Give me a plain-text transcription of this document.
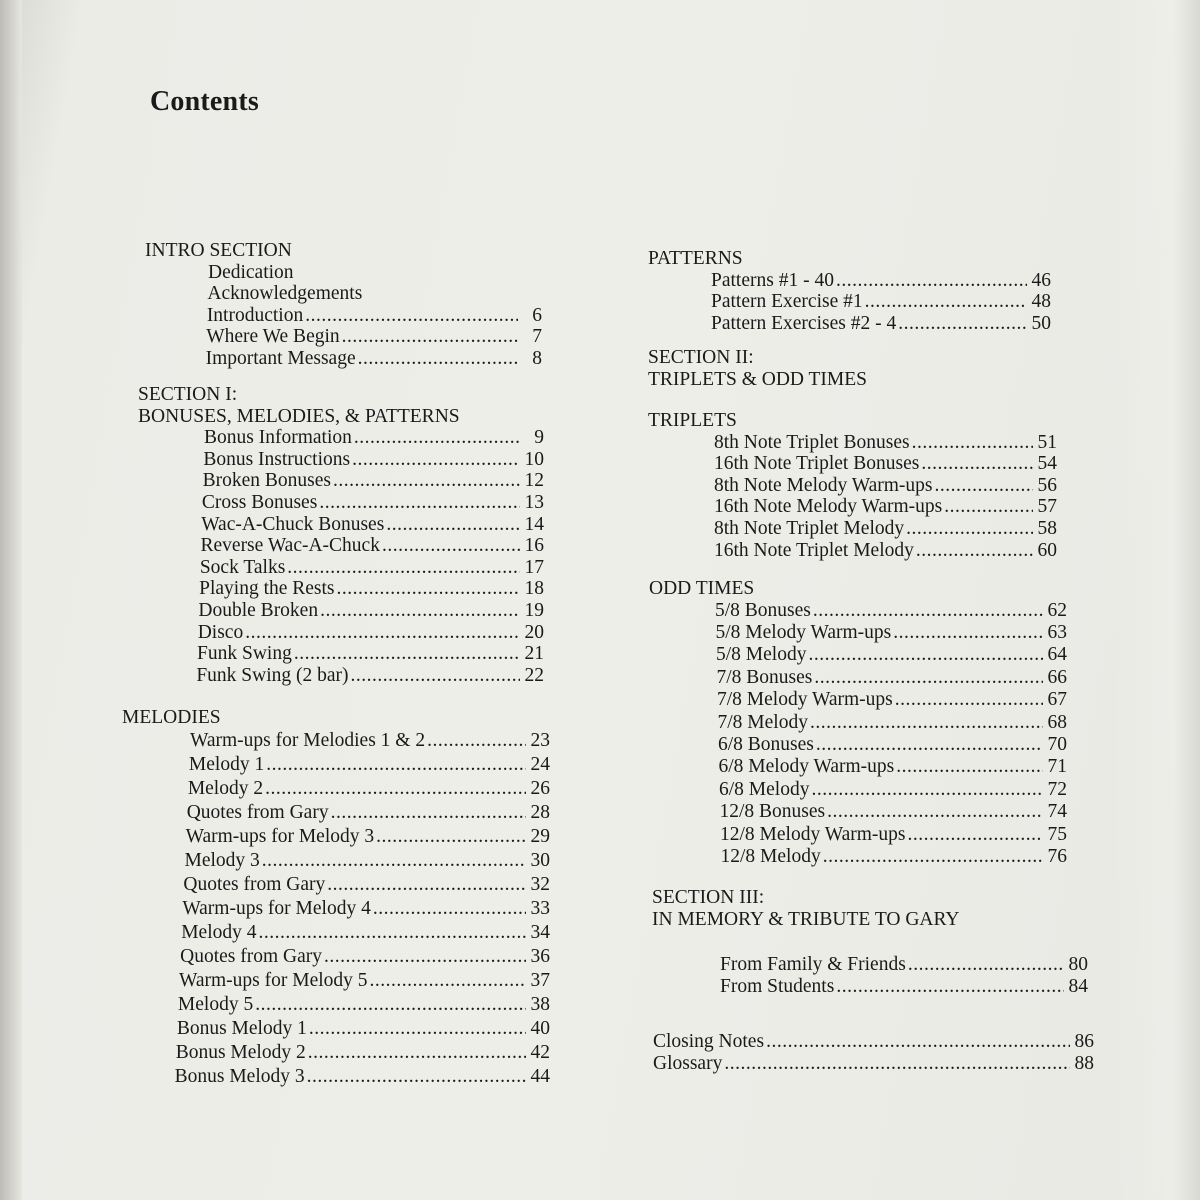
Contents
INTRO SECTION
Dedication
Acknowledgements
Introduction .....	6
Where We Begin .....	7
Important Message .....	8
SECTION I:
BONUSES, MELODIES, & PATTERNS
Bonus Information .....	9
Bonus Instructions .....	10
Broken Bonuses .....	12
Cross Bonuses .....	13
Wac-A-Chuck Bonuses .....	14
Reverse Wac-A-Chuck .....	16
Sock Talks .....	17
Playing the Rests .....	18
Double Broken .....	19
Disco .....	20
Funk Swing .....	21
Funk Swing (2 bar) .....	22
MELODIES
Warm-ups for Melodies 1 & 2 .....	23
Melody 1 .....	24
Melody 2 .....	26
Quotes from Gary .....	28
Warm-ups for Melody 3 .....	29
Melody 3 .....	30
Quotes from Gary .....	32
Warm-ups for Melody 4 .....	33
Melody 4 .....	34
Quotes from Gary .....	36
Warm-ups for Melody 5 .....	37
Melody 5 .....	38
Bonus Melody 1 .....	40
Bonus Melody 2 .....	42
Bonus Melody 3 .....	44
PATTERNS
Patterns #1 - 40 .....	46
Pattern Exercise #1 .....	48
Pattern Exercises #2 - 4 .....	50
SECTION II:
TRIPLETS & ODD TIMES
TRIPLETS
8th Note Triplet Bonuses .....	51
16th Note Triplet Bonuses .....	54
8th Note Melody Warm-ups .....	56
16th Note Melody Warm-ups .....	57
8th Note Triplet Melody .....	58
16th Note Triplet Melody .....	60
ODD TIMES
5/8 Bonuses .....	62
5/8 Melody Warm-ups .....	63
5/8 Melody .....	64
7/8 Bonuses .....	66
7/8 Melody Warm-ups .....	67
7/8 Melody .....	68
6/8 Bonuses .....	70
6/8 Melody Warm-ups .....	71
6/8 Melody .....	72
12/8 Bonuses .....	74
12/8 Melody Warm-ups .....	75
12/8 Melody .....	76
SECTION III:
IN MEMORY & TRIBUTE TO GARY
From Family & Friends .....	80
From Students .....	84
Closing Notes .....	86
Glossary .....	88
